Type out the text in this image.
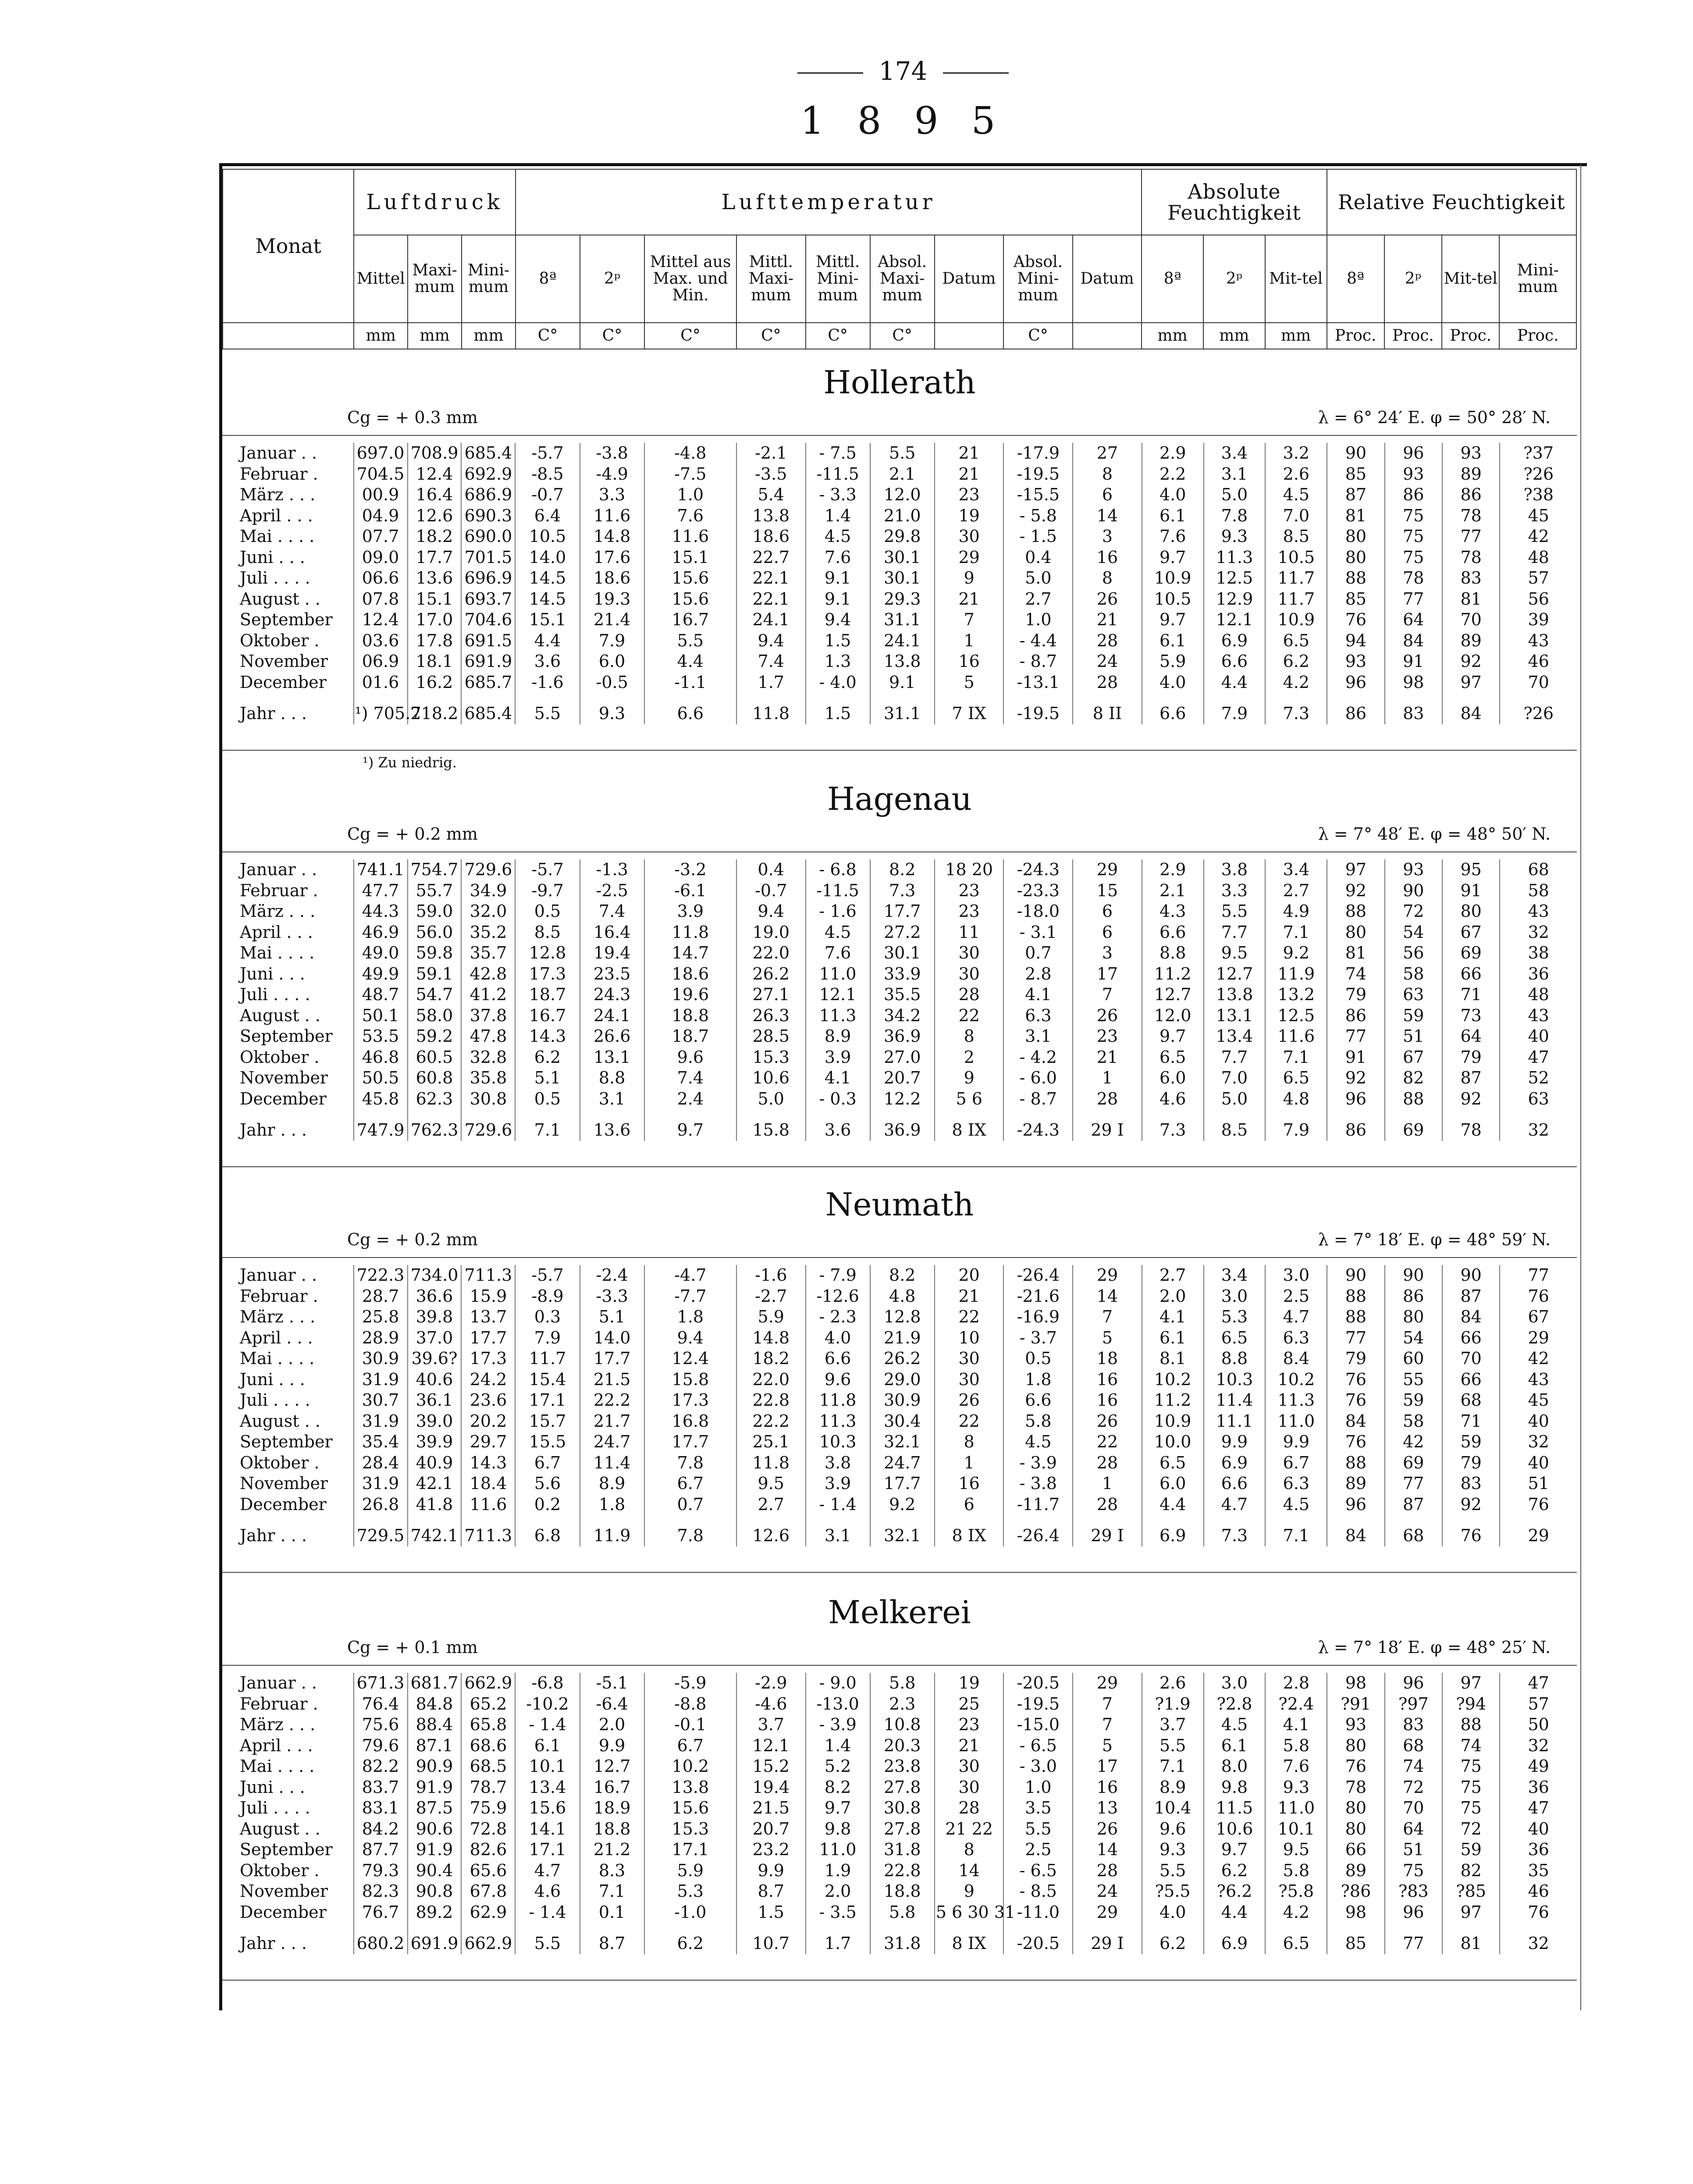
174
1 8 9 5
Monat	Luftdruck			Lufttemperatur									Absolute Feuchtigkeit			Relative Feuchtigkeit			
	Mittel	Maxi-mum	Mini-mum	8ª	2ᵖ	Mittel aus Max. und Min.	Mittl. Maxi-mum	Mittl. Mini-mum	Absol. Maxi-mum	Datum	Absol. Mini-mum	Datum	8ª	2ᵖ	Mit-tel	8ª	2ᵖ	Mit-tel	Mini-mum
	mm	mm	mm	C°	C°	C°	C°	C°	C°		C°		mm	mm	mm	Proc.	Proc.	Proc.	Proc.
Hollerath
Cg = + 0.3 mm	λ = 6° 24′ E. φ = 50° 28′ N.
Januar . .	697.0	708.9	685.4	-5.7	-3.8	-4.8	-2.1	- 7.5	5.5	21	-17.9	27	2.9	3.4	3.2	90	96	93	?37
Februar .	704.5	12.4	692.9	-8.5	-4.9	-7.5	-3.5	-11.5	2.1	21	-19.5	8	2.2	3.1	2.6	85	93	89	?26
März . . .	00.9	16.4	686.9	-0.7	3.3	1.0	5.4	- 3.3	12.0	23	-15.5	6	4.0	5.0	4.5	87	86	86	?38
April . . .	04.9	12.6	690.3	6.4	11.6	7.6	13.8	1.4	21.0	19	- 5.8	14	6.1	7.8	7.0	81	75	78	45
Mai . . . .	07.7	18.2	690.0	10.5	14.8	11.6	18.6	4.5	29.8	30	- 1.5	3	7.6	9.3	8.5	80	75	77	42
Juni . . .	09.0	17.7	701.5	14.0	17.6	15.1	22.7	7.6	30.1	29	0.4	16	9.7	11.3	10.5	80	75	78	48
Juli . . . .	06.6	13.6	696.9	14.5	18.6	15.6	22.1	9.1	30.1	9	5.0	8	10.9	12.5	11.7	88	78	83	57
August . .	07.8	15.1	693.7	14.5	19.3	15.6	22.1	9.1	29.3	21	2.7	26	10.5	12.9	11.7	85	77	81	56
September	12.4	17.0	704.6	15.1	21.4	16.7	24.1	9.4	31.1	7	1.0	21	9.7	12.1	10.9	76	64	70	39
Oktober .	03.6	17.8	691.5	4.4	7.9	5.5	9.4	1.5	24.1	1	- 4.4	28	6.1	6.9	6.5	94	84	89	43
November	06.9	18.1	691.9	3.6	6.0	4.4	7.4	1.3	13.8	16	- 8.7	24	5.9	6.6	6.2	93	91	92	46
December	01.6	16.2	685.7	-1.6	-0.5	-1.1	1.7	- 4.0	9.1	5	-13.1	28	4.0	4.4	4.2	96	98	97	70
Jahr . . .	¹) 705.2	718.2	685.4	5.5	9.3	6.6	11.8	1.5	31.1	7 IX	-19.5	8 II	6.6	7.9	7.3	86	83	84	?26
¹) Zu niedrig.
Hagenau
Cg = + 0.2 mm	λ = 7° 48′ E. φ = 48° 50′ N.
Januar . .	741.1	754.7	729.6	-5.7	-1.3	-3.2	0.4	- 6.8	8.2	18 20	-24.3	29	2.9	3.8	3.4	97	93	95	68
Februar .	47.7	55.7	34.9	-9.7	-2.5	-6.1	-0.7	-11.5	7.3	23	-23.3	15	2.1	3.3	2.7	92	90	91	58
März . . .	44.3	59.0	32.0	0.5	7.4	3.9	9.4	- 1.6	17.7	23	-18.0	6	4.3	5.5	4.9	88	72	80	43
April . . .	46.9	56.0	35.2	8.5	16.4	11.8	19.0	4.5	27.2	11	- 3.1	6	6.6	7.7	7.1	80	54	67	32
Mai . . . .	49.0	59.8	35.7	12.8	19.4	14.7	22.0	7.6	30.1	30	0.7	3	8.8	9.5	9.2	81	56	69	38
Juni . . .	49.9	59.1	42.8	17.3	23.5	18.6	26.2	11.0	33.9	30	2.8	17	11.2	12.7	11.9	74	58	66	36
Juli . . . .	48.7	54.7	41.2	18.7	24.3	19.6	27.1	12.1	35.5	28	4.1	7	12.7	13.8	13.2	79	63	71	48
August . .	50.1	58.0	37.8	16.7	24.1	18.8	26.3	11.3	34.2	22	6.3	26	12.0	13.1	12.5	86	59	73	43
September	53.5	59.2	47.8	14.3	26.6	18.7	28.5	8.9	36.9	8	3.1	23	9.7	13.4	11.6	77	51	64	40
Oktober .	46.8	60.5	32.8	6.2	13.1	9.6	15.3	3.9	27.0	2	- 4.2	21	6.5	7.7	7.1	91	67	79	47
November	50.5	60.8	35.8	5.1	8.8	7.4	10.6	4.1	20.7	9	- 6.0	1	6.0	7.0	6.5	92	82	87	52
December	45.8	62.3	30.8	0.5	3.1	2.4	5.0	- 0.3	12.2	5 6	- 8.7	28	4.6	5.0	4.8	96	88	92	63
Jahr . . .	747.9	762.3	729.6	7.1	13.6	9.7	15.8	3.6	36.9	8 IX	-24.3	29 I	7.3	8.5	7.9	86	69	78	32
Neumath
Cg = + 0.2 mm	λ = 7° 18′ E. φ = 48° 59′ N.
Januar . .	722.3	734.0	711.3	-5.7	-2.4	-4.7	-1.6	- 7.9	8.2	20	-26.4	29	2.7	3.4	3.0	90	90	90	77
Februar .	28.7	36.6	15.9	-8.9	-3.3	-7.7	-2.7	-12.6	4.8	21	-21.6	14	2.0	3.0	2.5	88	86	87	76
März . . .	25.8	39.8	13.7	0.3	5.1	1.8	5.9	- 2.3	12.8	22	-16.9	7	4.1	5.3	4.7	88	80	84	67
April . . .	28.9	37.0	17.7	7.9	14.0	9.4	14.8	4.0	21.9	10	- 3.7	5	6.1	6.5	6.3	77	54	66	29
Mai . . . .	30.9	39.6?	17.3	11.7	17.7	12.4	18.2	6.6	26.2	30	0.5	18	8.1	8.8	8.4	79	60	70	42
Juni . . .	31.9	40.6	24.2	15.4	21.5	15.8	22.0	9.6	29.0	30	1.8	16	10.2	10.3	10.2	76	55	66	43
Juli . . . .	30.7	36.1	23.6	17.1	22.2	17.3	22.8	11.8	30.9	26	6.6	16	11.2	11.4	11.3	76	59	68	45
August . .	31.9	39.0	20.2	15.7	21.7	16.8	22.2	11.3	30.4	22	5.8	26	10.9	11.1	11.0	84	58	71	40
September	35.4	39.9	29.7	15.5	24.7	17.7	25.1	10.3	32.1	8	4.5	22	10.0	9.9	9.9	76	42	59	32
Oktober .	28.4	40.9	14.3	6.7	11.4	7.8	11.8	3.8	24.7	1	- 3.9	28	6.5	6.9	6.7	88	69	79	40
November	31.9	42.1	18.4	5.6	8.9	6.7	9.5	3.9	17.7	16	- 3.8	1	6.0	6.6	6.3	89	77	83	51
December	26.8	41.8	11.6	0.2	1.8	0.7	2.7	- 1.4	9.2	6	-11.7	28	4.4	4.7	4.5	96	87	92	76
Jahr . . .	729.5	742.1	711.3	6.8	11.9	7.8	12.6	3.1	32.1	8 IX	-26.4	29 I	6.9	7.3	7.1	84	68	76	29
Melkerei
Cg = + 0.1 mm	λ = 7° 18′ E. φ = 48° 25′ N.
Januar . .	671.3	681.7	662.9	-6.8	-5.1	-5.9	-2.9	- 9.0	5.8	19	-20.5	29	2.6	3.0	2.8	98	96	97	47
Februar .	76.4	84.8	65.2	-10.2	-6.4	-8.8	-4.6	-13.0	2.3	25	-19.5	7	?1.9	?2.8	?2.4	?91	?97	?94	57
März . . .	75.6	88.4	65.8	- 1.4	2.0	-0.1	3.7	- 3.9	10.8	23	-15.0	7	3.7	4.5	4.1	93	83	88	50
April . . .	79.6	87.1	68.6	6.1	9.9	6.7	12.1	1.4	20.3	21	- 6.5	5	5.5	6.1	5.8	80	68	74	32
Mai . . . .	82.2	90.9	68.5	10.1	12.7	10.2	15.2	5.2	23.8	30	- 3.0	17	7.1	8.0	7.6	76	74	75	49
Juni . . .	83.7	91.9	78.7	13.4	16.7	13.8	19.4	8.2	27.8	30	1.0	16	8.9	9.8	9.3	78	72	75	36
Juli . . . .	83.1	87.5	75.9	15.6	18.9	15.6	21.5	9.7	30.8	28	3.5	13	10.4	11.5	11.0	80	70	75	47
August . .	84.2	90.6	72.8	14.1	18.8	15.3	20.7	9.8	27.8	21 22	5.5	26	9.6	10.6	10.1	80	64	72	40
September	87.7	91.9	82.6	17.1	21.2	17.1	23.2	11.0	31.8	8	2.5	14	9.3	9.7	9.5	66	51	59	36
Oktober .	79.3	90.4	65.6	4.7	8.3	5.9	9.9	1.9	22.8	14	- 6.5	28	5.5	6.2	5.8	89	75	82	35
November	82.3	90.8	67.8	4.6	7.1	5.3	8.7	2.0	18.8	9	- 8.5	24	?5.5	?6.2	?5.8	?86	?83	?85	46
December	76.7	89.2	62.9	- 1.4	0.1	-1.0	1.5	- 3.5	5.8	5 6 30 31	-11.0	29	4.0	4.4	4.2	98	96	97	76
Jahr . . .	680.2	691.9	662.9	5.5	8.7	6.2	10.7	1.7	31.8	8 IX	-20.5	29 I	6.2	6.9	6.5	85	77	81	32
